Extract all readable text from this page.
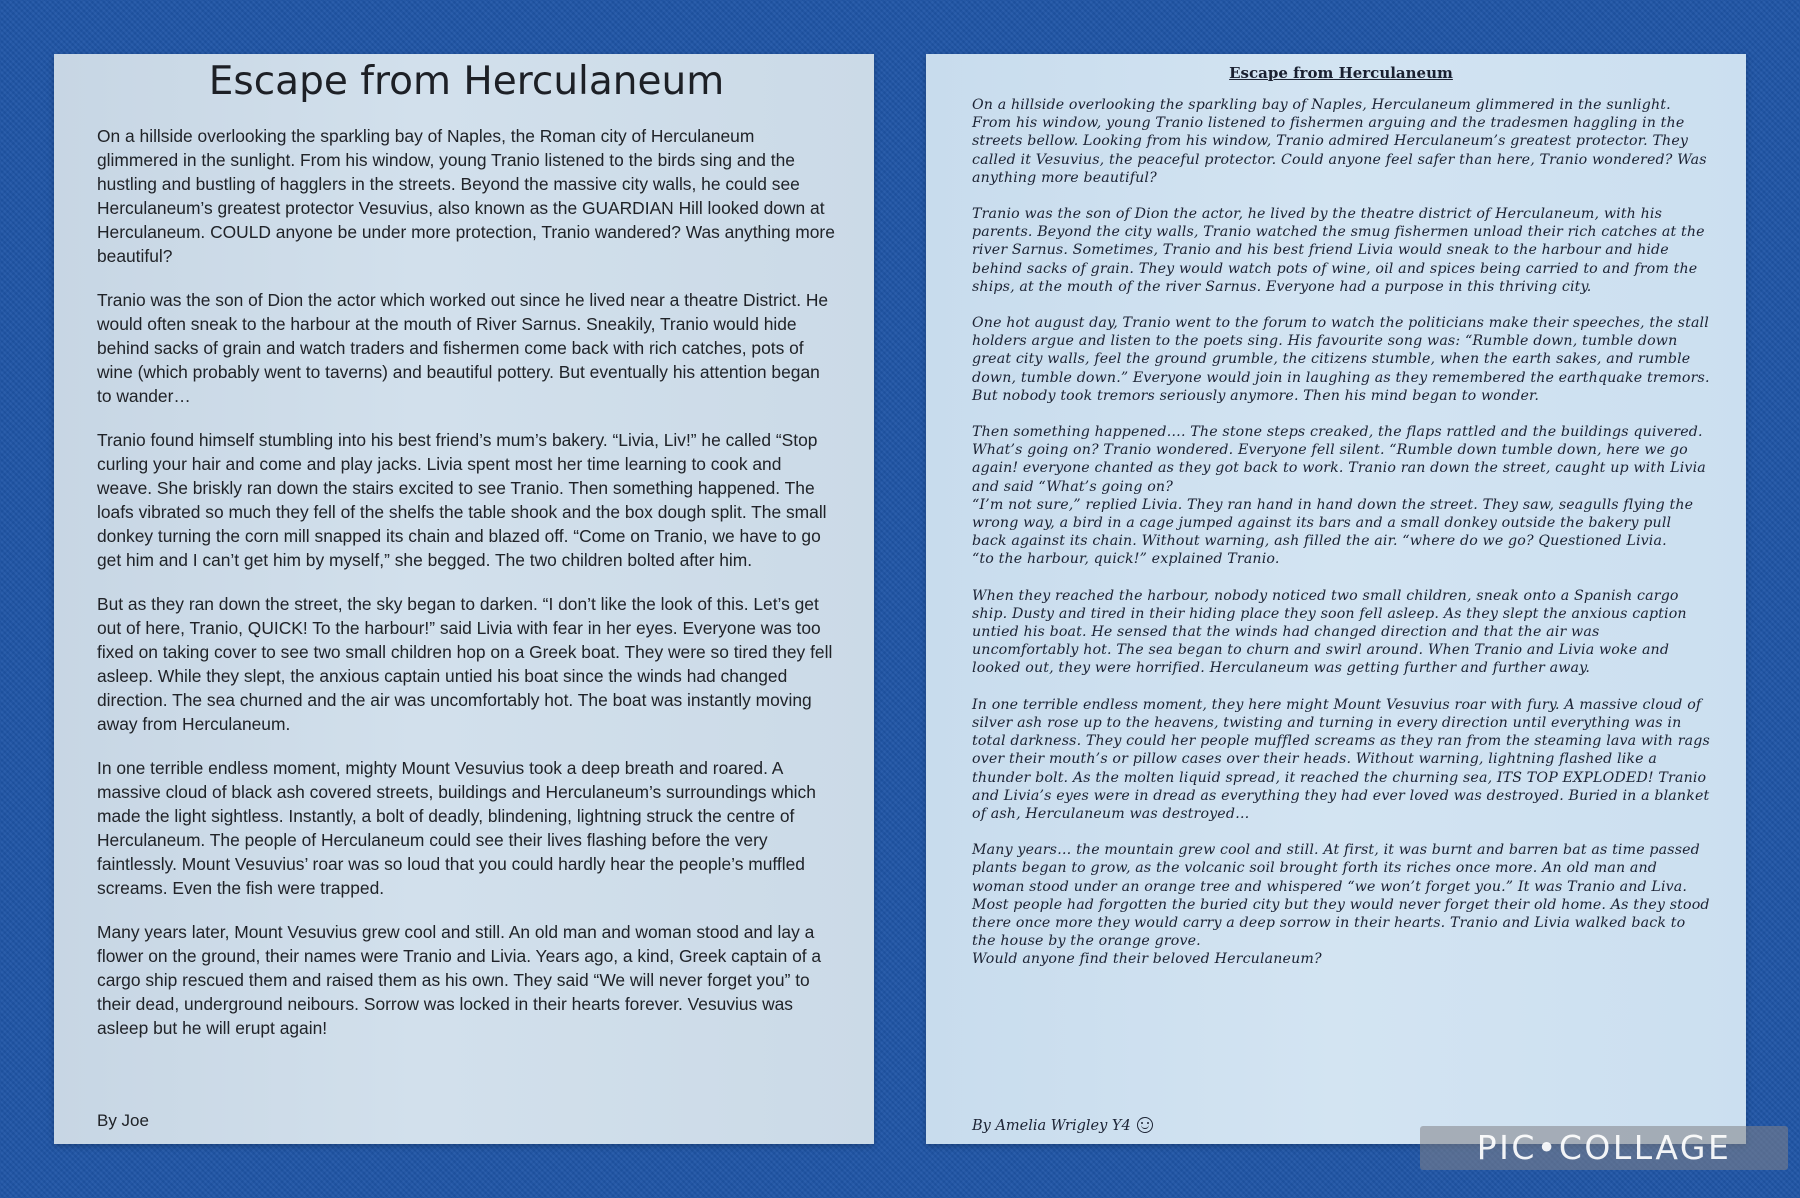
Escape from Herculaneum

On a hillside overlooking the sparkling bay of Naples, the Roman city of Herculaneum glimmered in the sunlight. From his window, young Tranio listened to the birds sing and the hustling and bustling of hagglers in the streets. Beyond the massive city walls, he could see Herculaneum’s greatest protector Vesuvius, also known as the GUARDIAN Hill looked down at Herculaneum. COULD anyone be under more protection, Tranio wandered? Was anything more beautiful?

Tranio was the son of Dion the actor which worked out since he lived near a theatre District. He would often sneak to the harbour at the mouth of River Sarnus. Sneakily, Tranio would hide behind sacks of grain and watch traders and fishermen come back with rich catches, pots of wine (which probably went to taverns) and beautiful pottery. But eventually his attention began to wander…

Tranio found himself stumbling into his best friend’s mum’s bakery. “Livia, Liv!” he called “Stop curling your hair and come and play jacks. Livia spent most her time learning to cook and weave. She briskly ran down the stairs excited to see Tranio. Then something happened. The loafs vibrated so much they fell of the shelfs the table shook and the box dough split. The small donkey turning the corn mill snapped its chain and blazed off. “Come on Tranio, we have to go get him and I can’t get him by myself,” she begged. The two children bolted after him.

But as they ran down the street, the sky began to darken. “I don’t like the look of this. Let’s get out of here, Tranio, QUICK! To the harbour!” said Livia with fear in her eyes. Everyone was too fixed on taking cover to see two small children hop on a Greek boat. They were so tired they fell asleep. While they slept, the anxious captain untied his boat since the winds had changed direction. The sea churned and the air was uncomfortably hot. The boat was instantly moving away from Herculaneum.

In one terrible endless moment, mighty Mount Vesuvius took a deep breath and roared. A massive cloud of black ash covered streets, buildings and Herculaneum’s surroundings which made the light sightless. Instantly, a bolt of deadly, blindening, lightning struck the centre of Herculaneum. The people of Herculaneum could see their lives flashing before the very faintlessly. Mount Vesuvius’ roar was so loud that you could hardly hear the people’s muffled screams. Even the fish were trapped.

Many years later, Mount Vesuvius grew cool and still. An old man and woman stood and lay a flower on the ground, their names were Tranio and Livia. Years ago, a kind, Greek captain of a cargo ship rescued them and raised them as his own. They said “We will never forget you” to their dead, underground neibours. Sorrow was locked in their hearts forever. Vesuvius was asleep but he will erupt again!

By Joe
Escape from Herculaneum

On a hillside overlooking the sparkling bay of Naples, Herculaneum glimmered in the sunlight. From his window, young Tranio listened to fishermen arguing and the tradesmen haggling in the streets bellow. Looking from his window, Tranio admired Herculaneum’s greatest protector. They called it Vesuvius, the peaceful protector. Could anyone feel safer than here, Tranio wondered? Was anything more beautiful?

Tranio was the son of Dion the actor, he lived by the theatre district of Herculaneum, with his parents. Beyond the city walls, Tranio watched the smug fishermen unload their rich catches at the river Sarnus. Sometimes, Tranio and his best friend Livia would sneak to the harbour and hide behind sacks of grain. They would watch pots of wine, oil and spices being carried to and from the ships, at the mouth of the river Sarnus. Everyone had a purpose in this thriving city.

One hot august day, Tranio went to the forum to watch the politicians make their speeches, the stall holders argue and listen to the poets sing. His favourite song was: “Rumble down, tumble down great city walls, feel the ground grumble, the citizens stumble, when the earth sakes, and rumble down, tumble down.” Everyone would join in laughing as they remembered the earthquake tremors. But nobody took tremors seriously anymore. Then his mind began to wonder.

Then something happened…. The stone steps creaked, the flaps rattled and the buildings quivered. What’s going on? Tranio wondered. Everyone fell silent. “Rumble down tumble down, here we go again! everyone chanted as they got back to work. Tranio ran down the street, caught up with Livia and said “What’s going on?
“I’m not sure,” replied Livia. They ran hand in hand down the street. They saw, seagulls flying the wrong way, a bird in a cage jumped against its bars and a small donkey outside the bakery pull back against its chain. Without warning, ash filled the air. “where do we go? Questioned Livia.
“to the harbour, quick!” explained Tranio.

When they reached the harbour, nobody noticed two small children, sneak onto a Spanish cargo ship. Dusty and tired in their hiding place they soon fell asleep. As they slept the anxious caption untied his boat. He sensed that the winds had changed direction and that the air was uncomfortably hot. The sea began to churn and swirl around. When Tranio and Livia woke and looked out, they were horrified. Herculaneum was getting further and further away.

In one terrible endless moment, they here might Mount Vesuvius roar with fury. A massive cloud of silver ash rose up to the heavens, twisting and turning in every direction until everything was in total darkness. They could her people muffled screams as they ran from the steaming lava with rags over their mouth’s or pillow cases over their heads. Without warning, lightning flashed like a thunder bolt. As the molten liquid spread, it reached the churning sea, ITS TOP EXPLODED! Tranio and Livia’s eyes were in dread as everything they had ever loved was destroyed. Buried in a blanket of ash, Herculaneum was destroyed…

Many years… the mountain grew cool and still. At first, it was burnt and barren bat as time passed plants began to grow, as the volcanic soil brought forth its riches once more. An old man and woman stood under an orange tree and whispered “we won’t forget you.” It was Tranio and Liva. Most people had forgotten the buried city but they would never forget their old home. As they stood there once more they would carry a deep sorrow in their hearts. Tranio and Livia walked back to the house by the orange grove.
Would anyone find their beloved Herculaneum?

By Amelia Wrigley Y4
PIC•COLLAGE
